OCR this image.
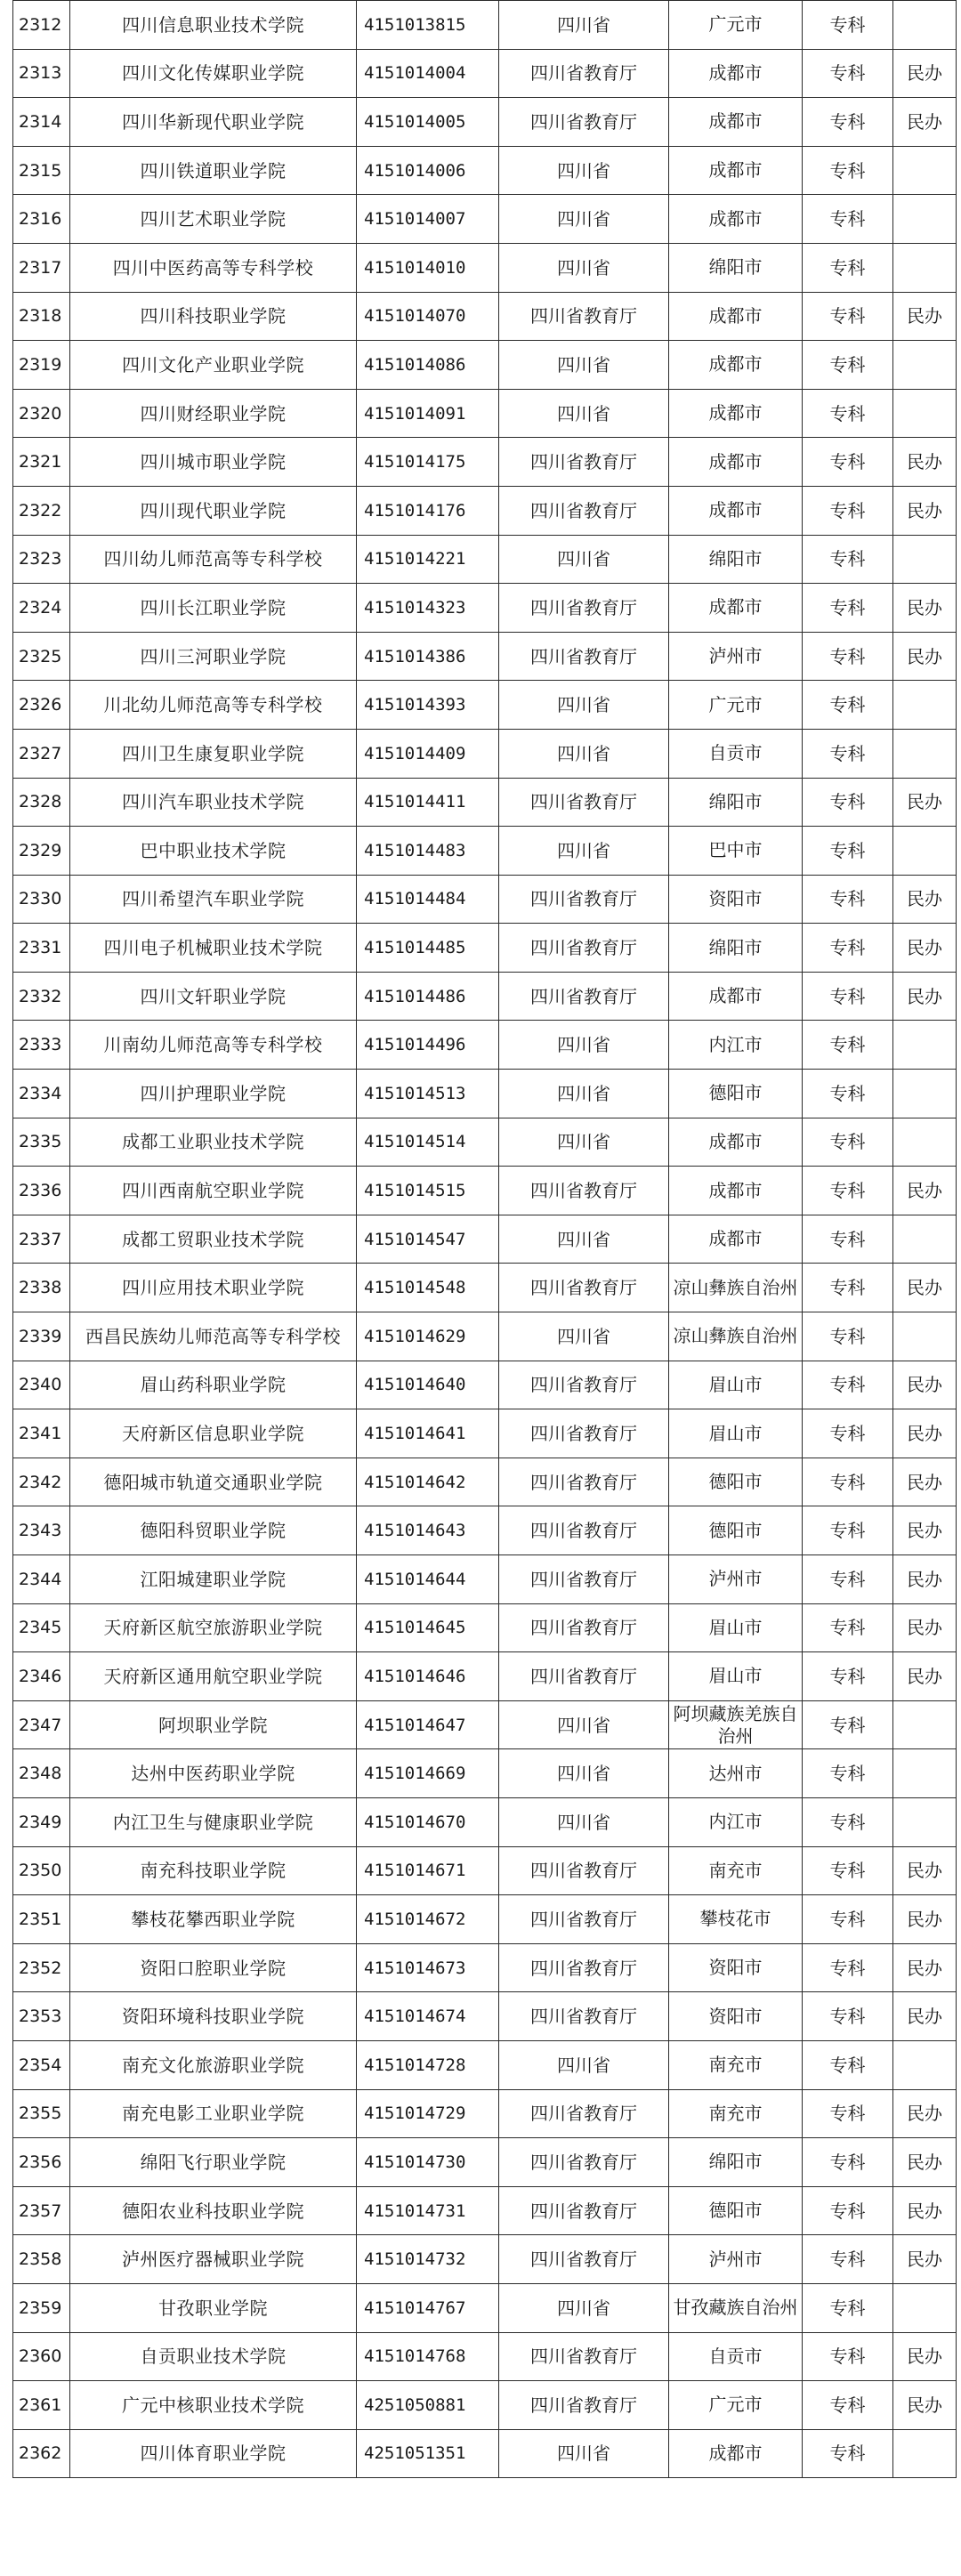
2312	四川信息职业技术学院	4151013815	四川省	广元市	专科	
2313	四川文化传媒职业学院	4151014004	四川省教育厅	成都市	专科	民办
2314	四川华新现代职业学院	4151014005	四川省教育厅	成都市	专科	民办
2315	四川铁道职业学院	4151014006	四川省	成都市	专科	
2316	四川艺术职业学院	4151014007	四川省	成都市	专科	
2317	四川中医药高等专科学校	4151014010	四川省	绵阳市	专科	
2318	四川科技职业学院	4151014070	四川省教育厅	成都市	专科	民办
2319	四川文化产业职业学院	4151014086	四川省	成都市	专科	
2320	四川财经职业学院	4151014091	四川省	成都市	专科	
2321	四川城市职业学院	4151014175	四川省教育厅	成都市	专科	民办
2322	四川现代职业学院	4151014176	四川省教育厅	成都市	专科	民办
2323	四川幼儿师范高等专科学校	4151014221	四川省	绵阳市	专科	
2324	四川长江职业学院	4151014323	四川省教育厅	成都市	专科	民办
2325	四川三河职业学院	4151014386	四川省教育厅	泸州市	专科	民办
2326	川北幼儿师范高等专科学校	4151014393	四川省	广元市	专科	
2327	四川卫生康复职业学院	4151014409	四川省	自贡市	专科	
2328	四川汽车职业技术学院	4151014411	四川省教育厅	绵阳市	专科	民办
2329	巴中职业技术学院	4151014483	四川省	巴中市	专科	
2330	四川希望汽车职业学院	4151014484	四川省教育厅	资阳市	专科	民办
2331	四川电子机械职业技术学院	4151014485	四川省教育厅	绵阳市	专科	民办
2332	四川文轩职业学院	4151014486	四川省教育厅	成都市	专科	民办
2333	川南幼儿师范高等专科学校	4151014496	四川省	内江市	专科	
2334	四川护理职业学院	4151014513	四川省	德阳市	专科	
2335	成都工业职业技术学院	4151014514	四川省	成都市	专科	
2336	四川西南航空职业学院	4151014515	四川省教育厅	成都市	专科	民办
2337	成都工贸职业技术学院	4151014547	四川省	成都市	专科	
2338	四川应用技术职业学院	4151014548	四川省教育厅	凉山彝族自治州	专科	民办
2339	西昌民族幼儿师范高等专科学校	4151014629	四川省	凉山彝族自治州	专科	
2340	眉山药科职业学院	4151014640	四川省教育厅	眉山市	专科	民办
2341	天府新区信息职业学院	4151014641	四川省教育厅	眉山市	专科	民办
2342	德阳城市轨道交通职业学院	4151014642	四川省教育厅	德阳市	专科	民办
2343	德阳科贸职业学院	4151014643	四川省教育厅	德阳市	专科	民办
2344	江阳城建职业学院	4151014644	四川省教育厅	泸州市	专科	民办
2345	天府新区航空旅游职业学院	4151014645	四川省教育厅	眉山市	专科	民办
2346	天府新区通用航空职业学院	4151014646	四川省教育厅	眉山市	专科	民办
2347	阿坝职业学院	4151014647	四川省	阿坝藏族羌族自治州	专科	
2348	达州中医药职业学院	4151014669	四川省	达州市	专科	
2349	内江卫生与健康职业学院	4151014670	四川省	内江市	专科	
2350	南充科技职业学院	4151014671	四川省教育厅	南充市	专科	民办
2351	攀枝花攀西职业学院	4151014672	四川省教育厅	攀枝花市	专科	民办
2352	资阳口腔职业学院	4151014673	四川省教育厅	资阳市	专科	民办
2353	资阳环境科技职业学院	4151014674	四川省教育厅	资阳市	专科	民办
2354	南充文化旅游职业学院	4151014728	四川省	南充市	专科	
2355	南充电影工业职业学院	4151014729	四川省教育厅	南充市	专科	民办
2356	绵阳飞行职业学院	4151014730	四川省教育厅	绵阳市	专科	民办
2357	德阳农业科技职业学院	4151014731	四川省教育厅	德阳市	专科	民办
2358	泸州医疗器械职业学院	4151014732	四川省教育厅	泸州市	专科	民办
2359	甘孜职业学院	4151014767	四川省	甘孜藏族自治州	专科	
2360	自贡职业技术学院	4151014768	四川省教育厅	自贡市	专科	民办
2361	广元中核职业技术学院	4251050881	四川省教育厅	广元市	专科	民办
2362	四川体育职业学院	4251051351	四川省	成都市	专科	
